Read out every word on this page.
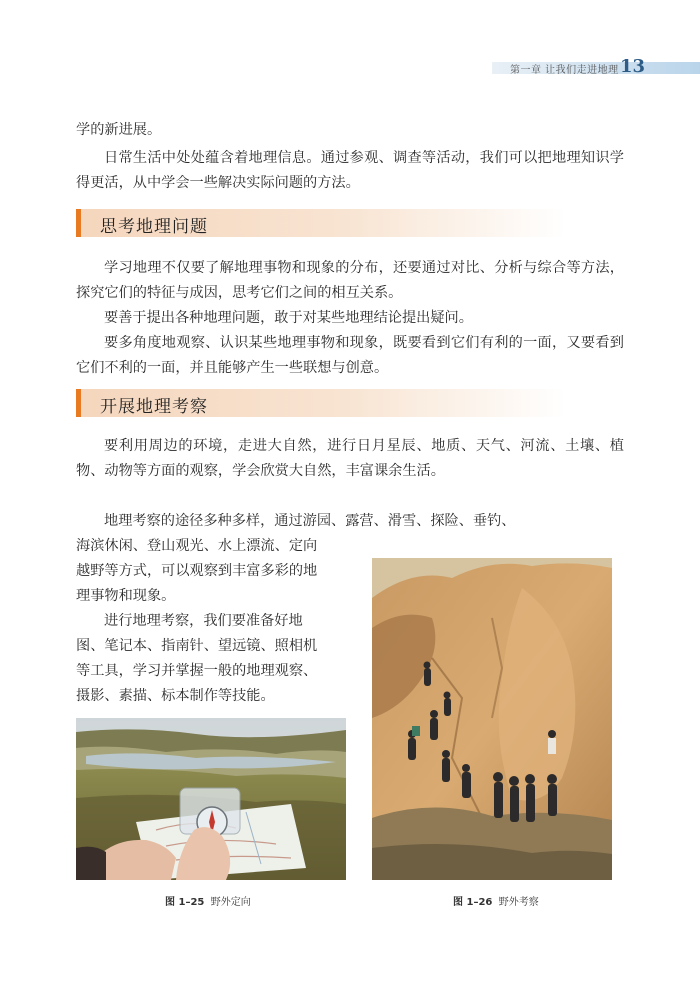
第一章 让我们走进地理 13

学的新进展。

日常生活中处处蕴含着地理信息。通过参观、调查等活动，我们可以把地理知识学得更活，从中学会一些解决实际问题的方法。

思考地理问题

学习地理不仅要了解地理事物和现象的分布，还要通过对比、分析与综合等方法，探究它们的特征与成因，思考它们之间的相互关系。

要善于提出各种地理问题，敢于对某些地理结论提出疑问。

要多角度地观察、认识某些地理事物和现象，既要看到它们有利的一面，又要看到它们不利的一面，并且能够产生一些联想与创意。

开展地理考察

要利用周边的环境，走进大自然，进行日月星辰、地质、天气、河流、土壤、植物、动物等方面的观察，学会欣赏大自然，丰富课余生活。

地理考察的途径多种多样，通过游园、露营、滑雪、探险、垂钓、
海滨休闲、登山观光、水上漂流、定向
越野等方式，可以观察到丰富多彩的地
理事物和现象。
进行地理考察，我们要准备好地
图、笔记本、指南针、望远镜、照相机
等工具，学习并掌握一般的地理观察、
摄影、素描、标本制作等技能。
图 1–25 野外定向	图 1–26 野外考察
